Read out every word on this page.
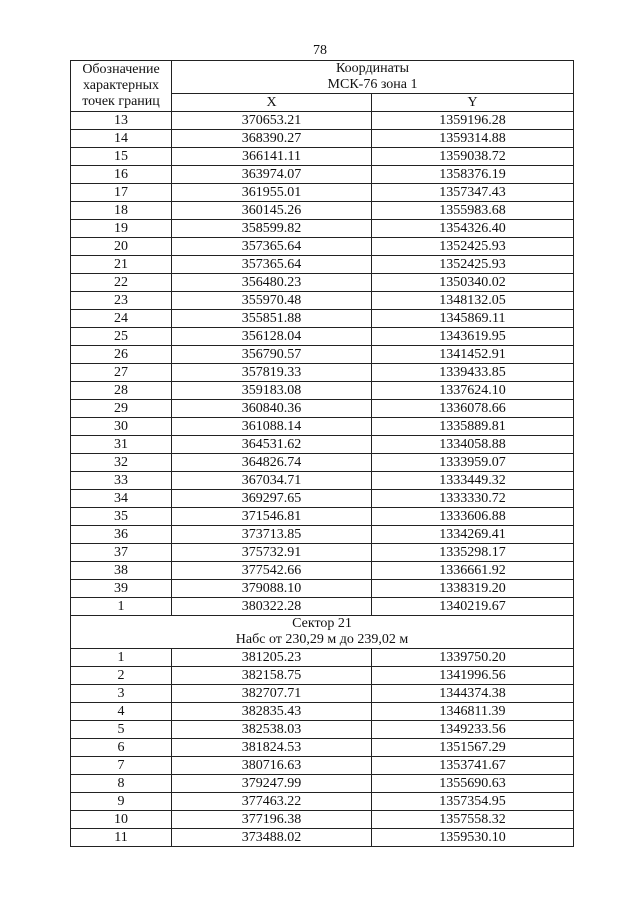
78
Обозначение
характерных
точек границ	Координаты
МСК-76 зона 1	

	X	Y
13	370653.21	1359196.28
14	368390.27	1359314.88
15	366141.11	1359038.72
16	363974.07	1358376.19
17	361955.01	1357347.43
18	360145.26	1355983.68
19	358599.82	1354326.40
20	357365.64	1352425.93
21	357365.64	1352425.93
22	356480.23	1350340.02
23	355970.48	1348132.05
24	355851.88	1345869.11
25	356128.04	1343619.95
26	356790.57	1341452.91
27	357819.33	1339433.85
28	359183.08	1337624.10
29	360840.36	1336078.66
30	361088.14	1335889.81
31	364531.62	1334058.88
32	364826.74	1333959.07
33	367034.71	1333449.32
34	369297.65	1333330.72
35	371546.81	1333606.88
36	373713.85	1334269.41
37	375732.91	1335298.17
38	377542.66	1336661.92
39	379088.10	1338319.20
1	380322.28	1340219.67

Сектор 21
Набс от 230,29 м до 239,02 м		

1	381205.23	1339750.20
2	382158.75	1341996.56
3	382707.71	1344374.38
4	382835.43	1346811.39
5	382538.03	1349233.56
6	381824.53	1351567.29
7	380716.63	1353741.67
8	379247.99	1355690.63
9	377463.22	1357354.95
10	377196.38	1357558.32
11	373488.02	1359530.10
